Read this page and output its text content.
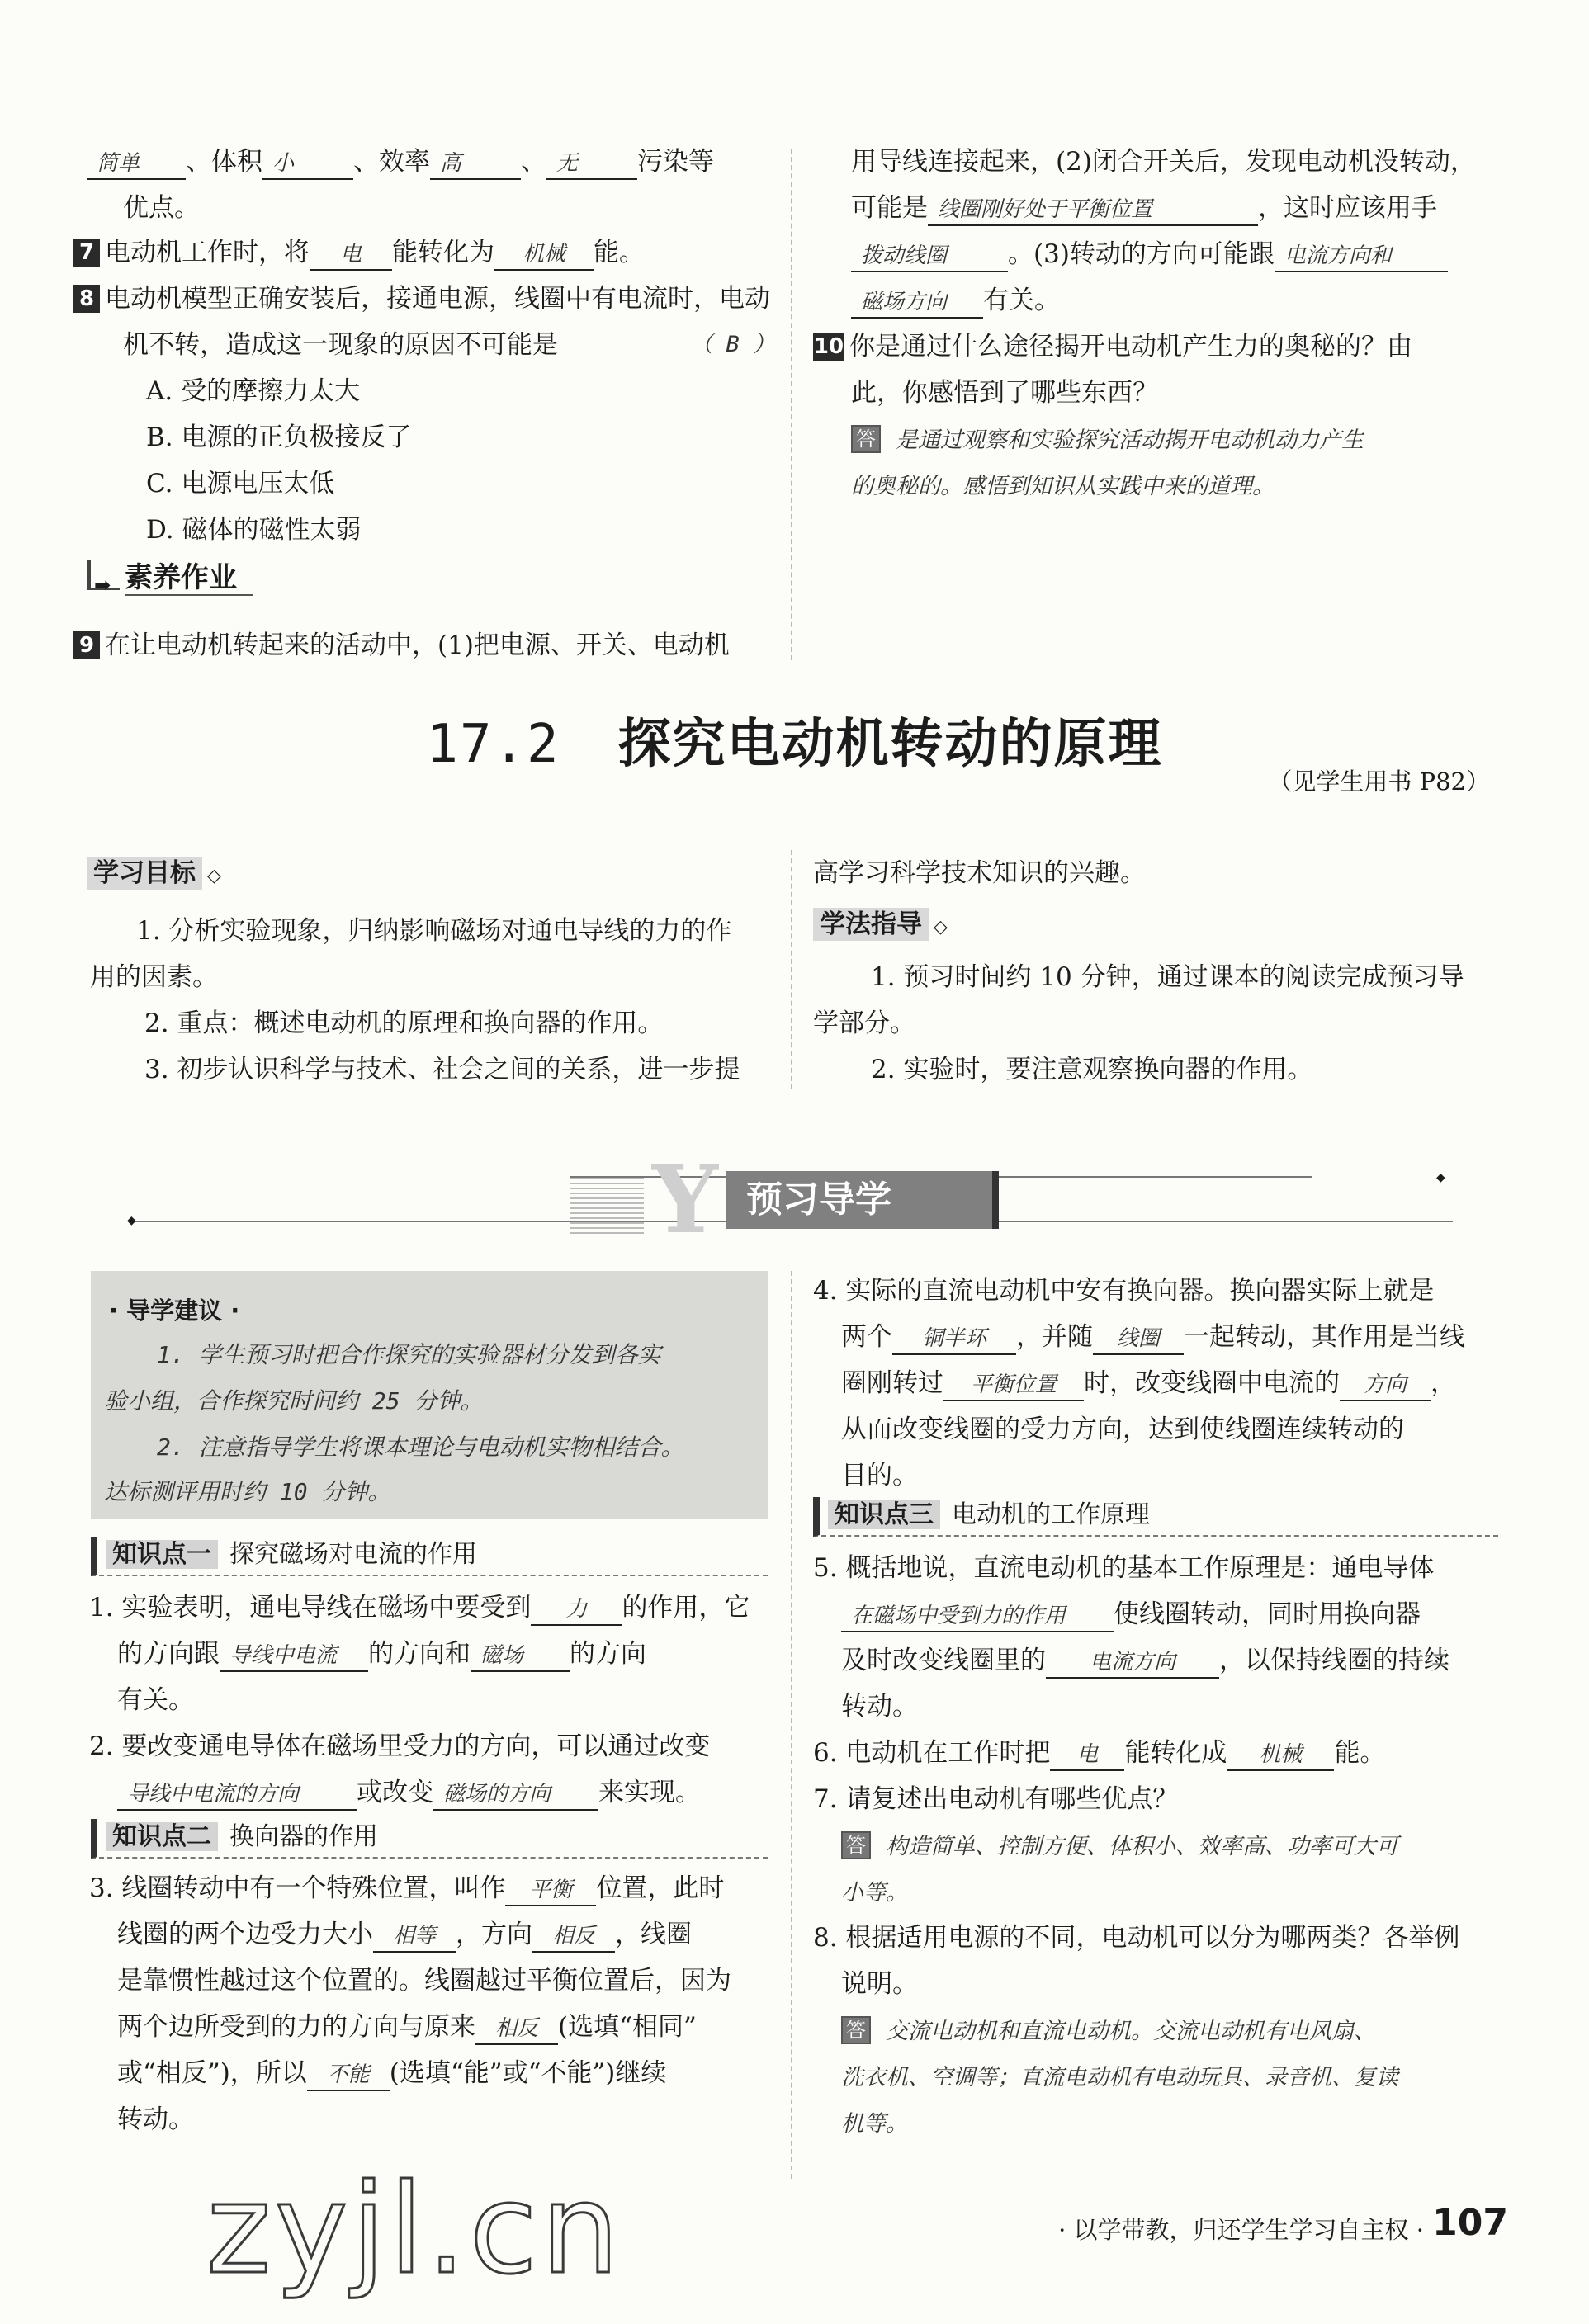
简单 、体积 小 、效率 高 、 无 污染等
优点。
7 电动机工作时，将 电 能转化为 机械 能。
8 电动机模型正确安装后，接通电源，线圈中有电流时，电动
机不转，造成这一现象的原因不可能是	（ B ）
A. 受的摩擦力太大
B. 电源的正负极接反了
C. 电源电压太低
D. 磁体的磁性太弱
➡ 素养作业
9 在让电动机转起来的活动中，(1)把电源、开关、电动机
用导线连接起来，(2)闭合开关后，发现电动机没转动，
可能是 线圈刚好处于平衡位置	，这时应该用手
拨动线圈 。(3)转动的方向可能跟 电流方向和
磁场方向 有关。
10 你是通过什么途径揭开电动机产生力的奥秘的？由
此，你感悟到了哪些东西？
答 是通过观察和实验探究活动揭开电动机动力产生
的奥秘的。感悟到知识从实践中来的道理。
17.2 探究电动机转动的原理
（见学生用书 P82）
学习目标 ◇
1. 分析实验现象，归纳影响磁场对通电导线的力的作
用的因素。
2. 重点：概述电动机的原理和换向器的作用。
3. 初步认识科学与技术、社会之间的关系，进一步提
高学习科学技术知识的兴趣。
学法指导 ◇
1. 预习时间约 10 分钟，通过课本的阅读完成预习导
学部分。
2. 实验时，要注意观察换向器的作用。
◆
◆	Y 预习导学
· 导学建议 ·
1. 学生预习时把合作探究的实验器材分发到各实
验小组，合作探究时间约 25 分钟。
2. 注意指导学生将课本理论与电动机实物相结合。
达标测评用时约 10 分钟。
知识点一 探究磁场对电流的作用
1. 实验表明，通电导线在磁场中要受到 力 的作用，它
的方向跟 导线中电流 的方向和 磁场 的方向
有关。
2. 要改变通电导体在磁场里受力的方向，可以通过改变
导线中电流的方向 或改变 磁场的方向 来实现。
知识点二 换向器的作用
3. 线圈转动中有一个特殊位置，叫作 平衡 位置，此时
线圈的两个边受力大小 相等 ，方向 相反 ，线圈
是靠惯性越过这个位置的。线圈越过平衡位置后，因为
两个边所受到的力的方向与原来 相反 (选填“相同”
或“相反”)，所以 不能 (选填“能”或“不能”)继续
转动。
4. 实际的直流电动机中安有换向器。换向器实际上就是
两个 铜半环 ，并随 线圈 一起转动，其作用是当线
圈刚转过 平衡位置 时，改变线圈中电流的 方向 ，
从而改变线圈的受力方向，达到使线圈连续转动的
目的。
知识点三 电动机的工作原理
5. 概括地说，直流电动机的基本工作原理是：通电导体
在磁场中受到力的作用 使线圈转动，同时用换向器
及时改变线圈里的 电流方向 ，以保持线圈的持续
转动。
6. 电动机在工作时把 电 能转化成 机械 能。
7. 请复述出电动机有哪些优点？
答 构造简单、控制方便、体积小、效率高、功率可大可
小等。
8. 根据适用电源的不同，电动机可以分为哪两类？各举例
说明。
答 交流电动机和直流电动机。交流电动机有电风扇、
洗衣机、空调等；直流电动机有电动玩具、录音机、复读
机等。
zyjl.cn	· 以学带教，归还学生学习自主权 · 107
